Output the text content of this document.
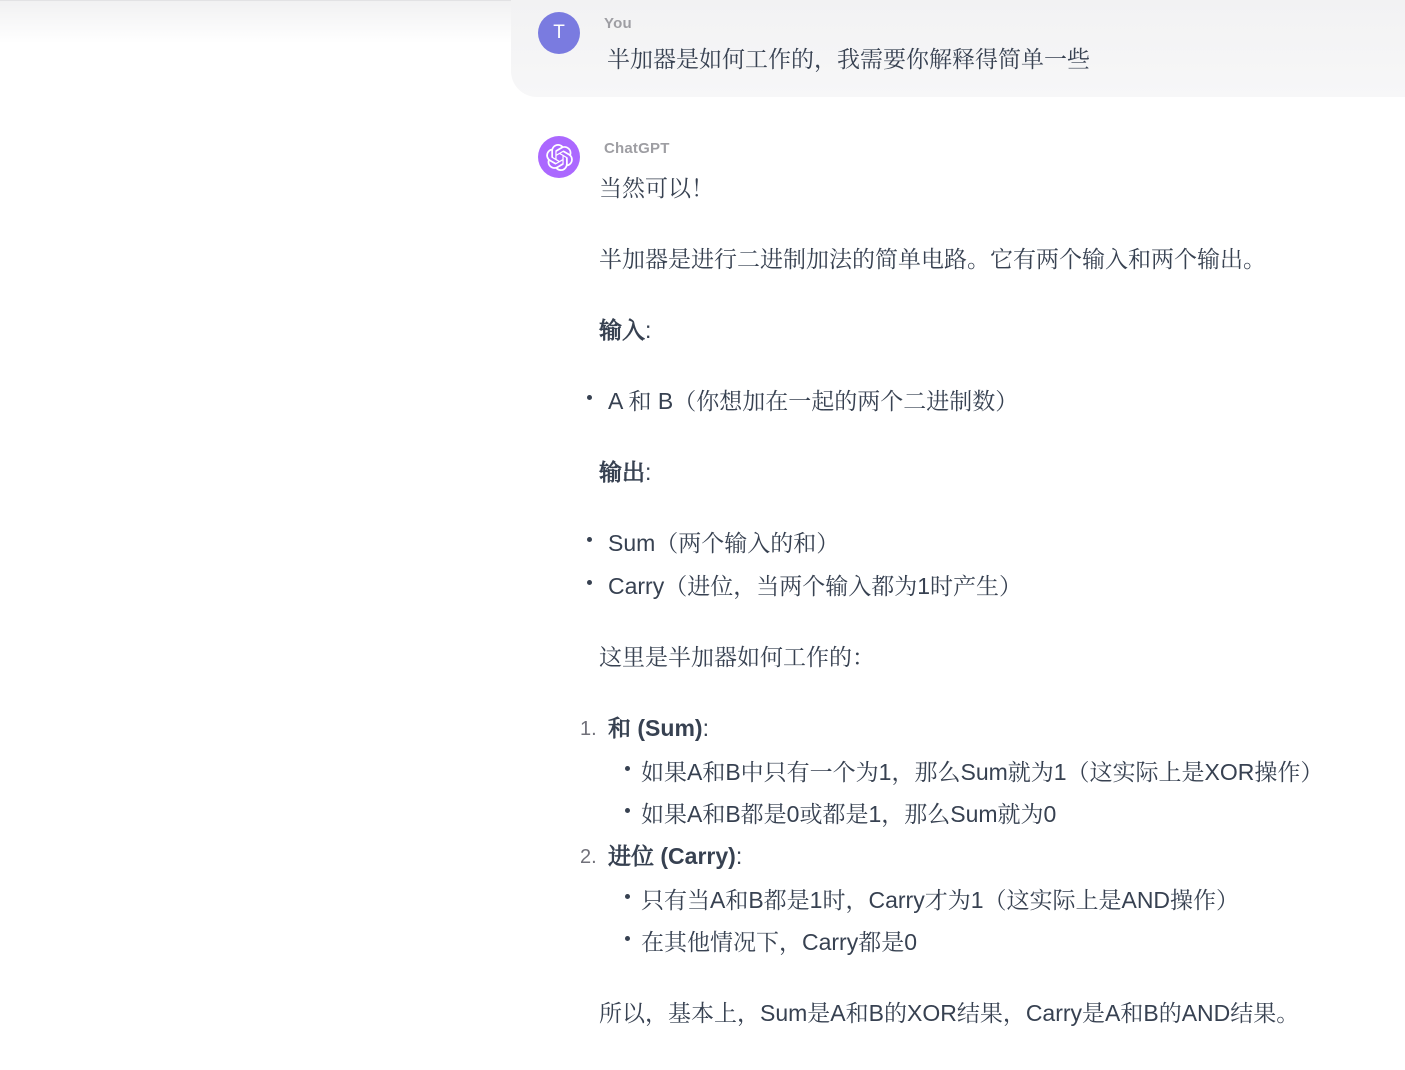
T	You
半加器是如何工作的，我需要你解释得简单一些
ChatGPT

当然可以！

半加器是进行二进制加法的简单电路。它有两个输入和两个输出。

输入:

A 和 B（你想加在一起的两个二进制数）

输出:

Sum（两个输入的和）
Carry（进位，当两个输入都为1时产生）

这里是半加器如何工作的：

1. 和 (Sum):
如果A和B中只有一个为1，那么Sum就为1（这实际上是XOR操作）
如果A和B都是0或都是1，那么Sum就为0
2. 进位 (Carry):
只有当A和B都是1时，Carry才为1（这实际上是AND操作）
在其他情况下，Carry都是0

所以，基本上，Sum是A和B的XOR结果，Carry是A和B的AND结果。
